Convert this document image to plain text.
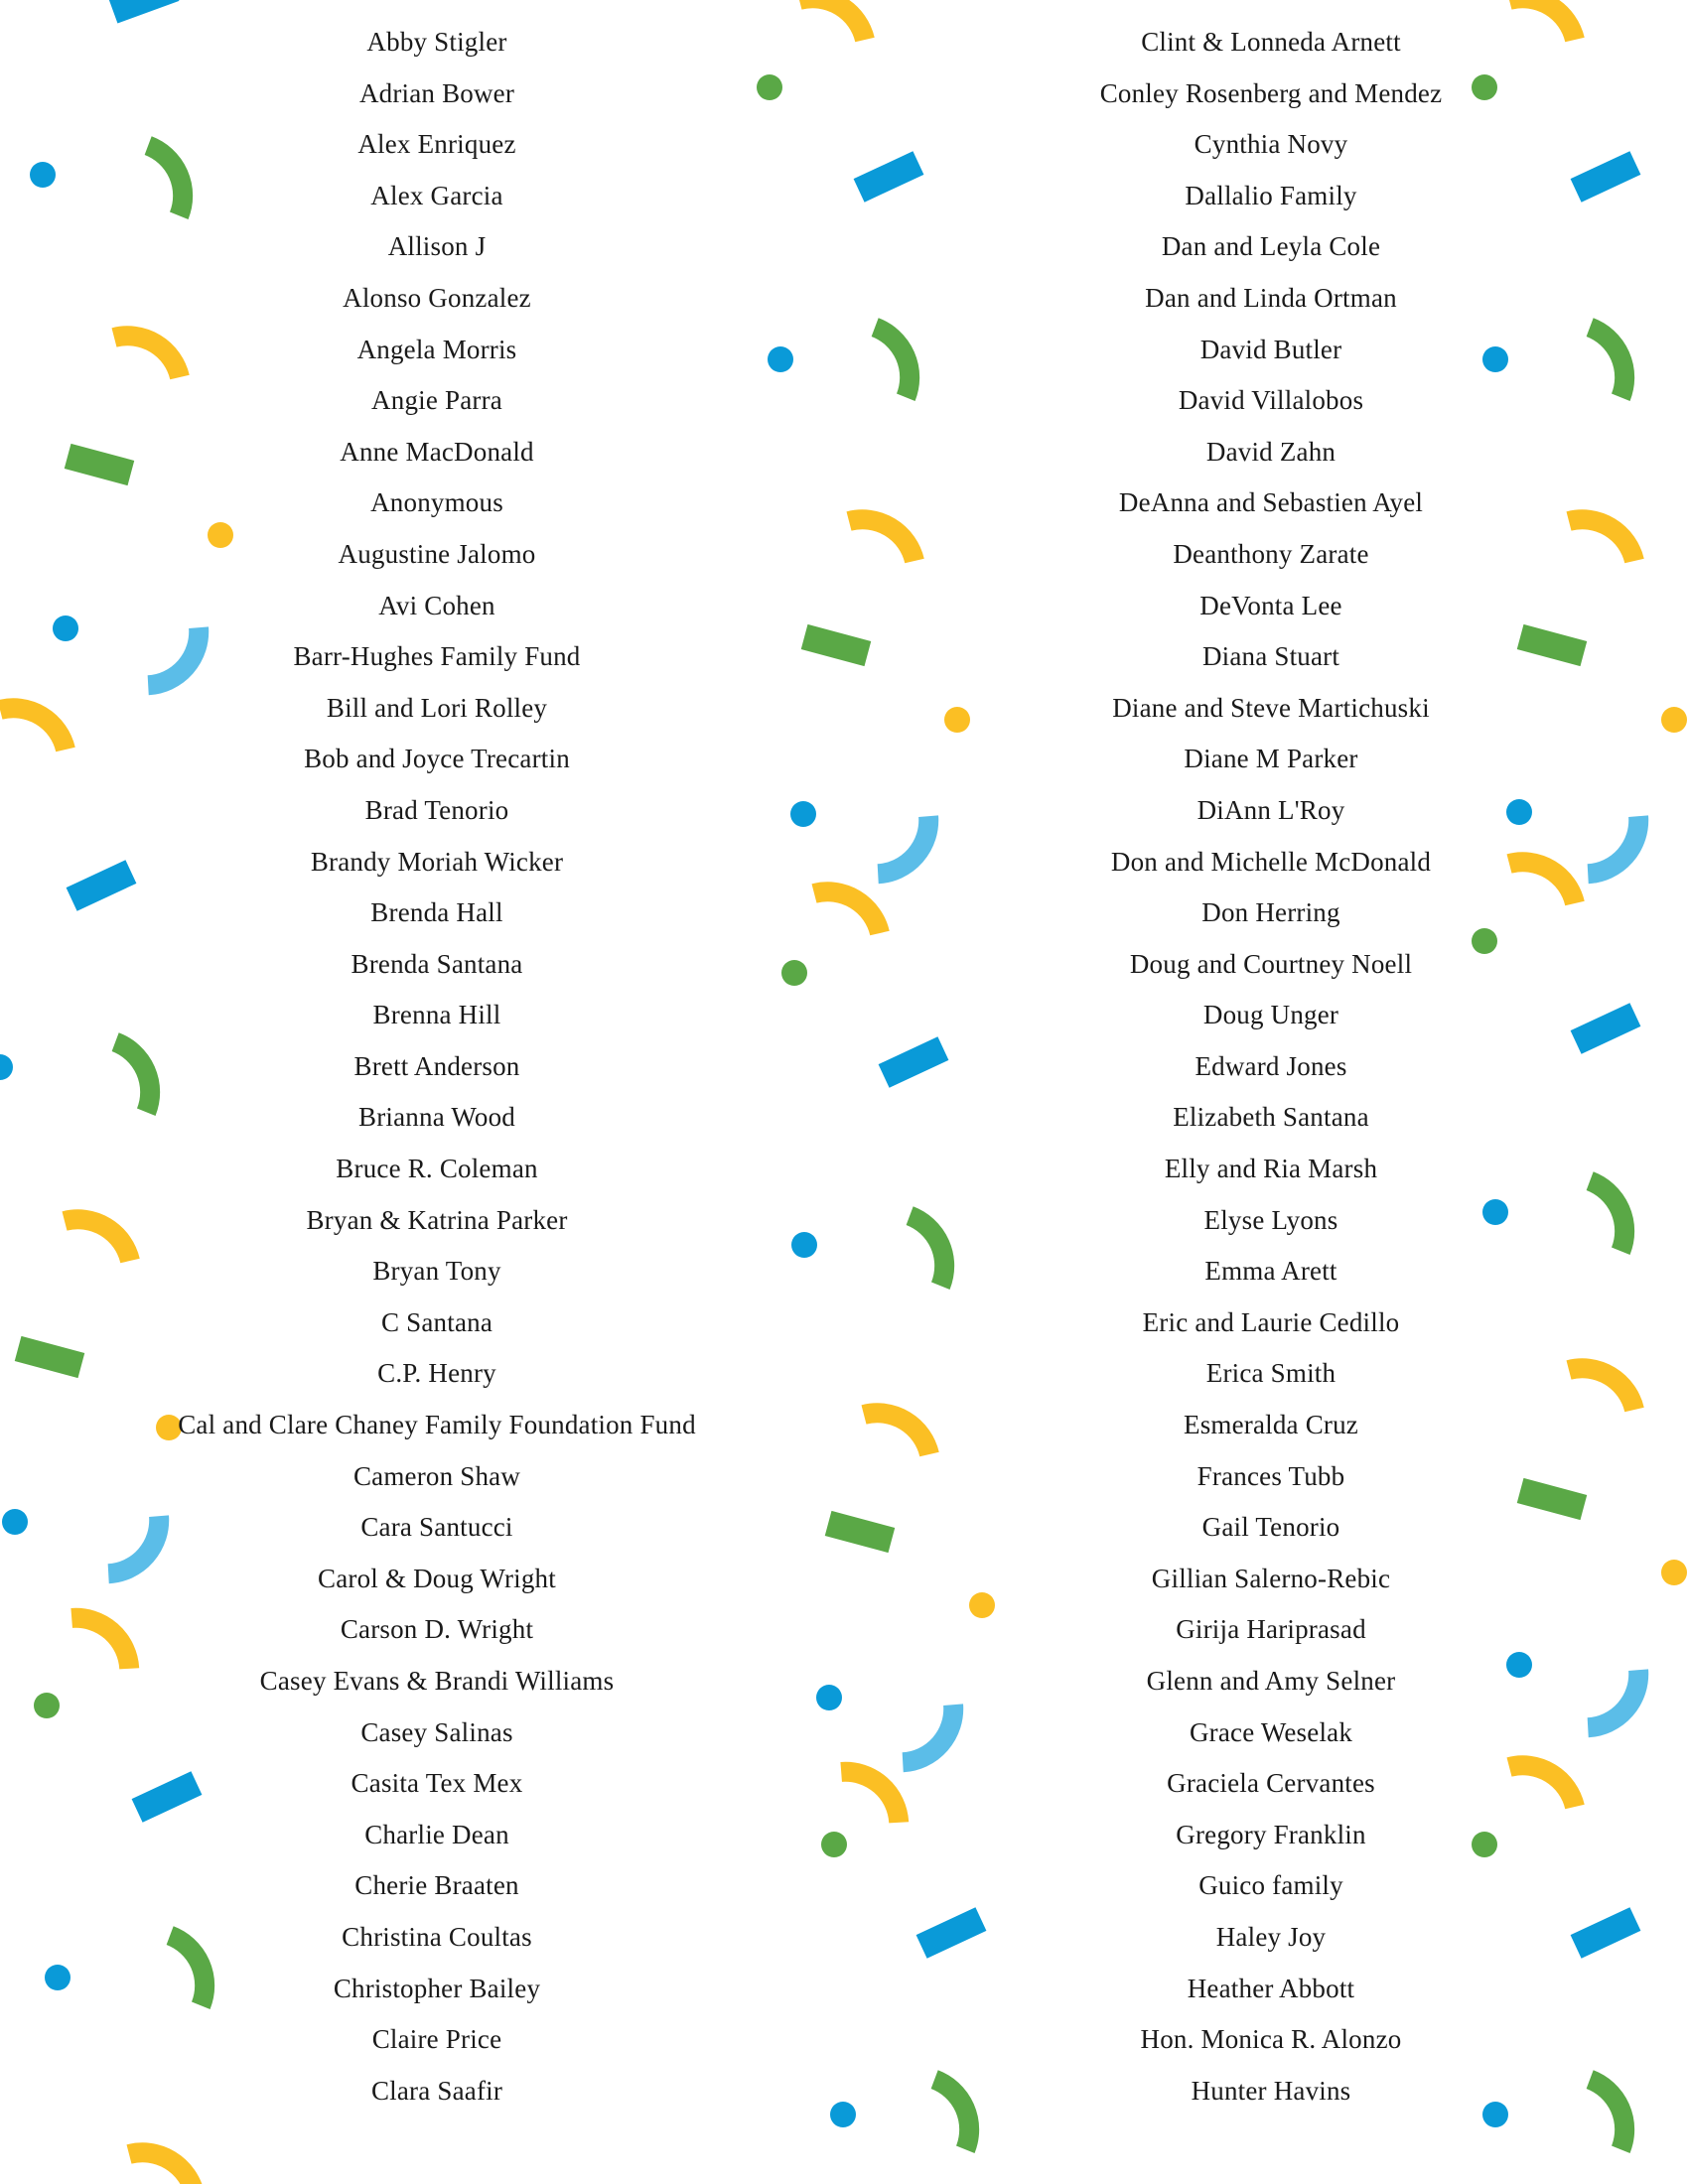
Abby Stigler
Adrian Bower
Alex Enriquez
Alex Garcia
Allison J
Alonso Gonzalez
Angela Morris
Angie Parra
Anne MacDonald
Anonymous
Augustine Jalomo
Avi Cohen
Barr-Hughes Family Fund
Bill and Lori Rolley
Bob and Joyce Trecartin
Brad Tenorio
Brandy Moriah Wicker
Brenda Hall
Brenda Santana
Brenna Hill
Brett Anderson
Brianna Wood
Bruce R. Coleman
Bryan & Katrina Parker
Bryan Tony
C Santana
C.P. Henry
Cal and Clare Chaney Family Foundation Fund
Cameron Shaw
Cara Santucci
Carol & Doug Wright
Carson D. Wright
Casey Evans & Brandi Williams
Casey Salinas
Casita Tex Mex
Charlie Dean
Cherie Braaten
Christina Coultas
Christopher Bailey
Claire Price
Clara Saafir
Clint & Lonneda Arnett
Conley Rosenberg and Mendez
Cynthia Novy
Dallalio Family
Dan and Leyla Cole
Dan and Linda Ortman
David Butler
David Villalobos
David Zahn
DeAnna and Sebastien Ayel
Deanthony Zarate
DeVonta Lee
Diana Stuart
Diane and Steve Martichuski
Diane M Parker
DiAnn L'Roy
Don and Michelle McDonald
Don Herring
Doug and Courtney Noell
Doug Unger
Edward Jones
Elizabeth Santana
Elly and Ria Marsh
Elyse Lyons
Emma Arett
Eric and Laurie Cedillo
Erica Smith
Esmeralda Cruz
Frances Tubb
Gail Tenorio
Gillian Salerno-Rebic
Girija Hariprasad
Glenn and Amy Selner
Grace Weselak
Graciela Cervantes
Gregory Franklin
Guico family
Haley Joy
Heather Abbott
Hon. Monica R. Alonzo
Hunter Havins
